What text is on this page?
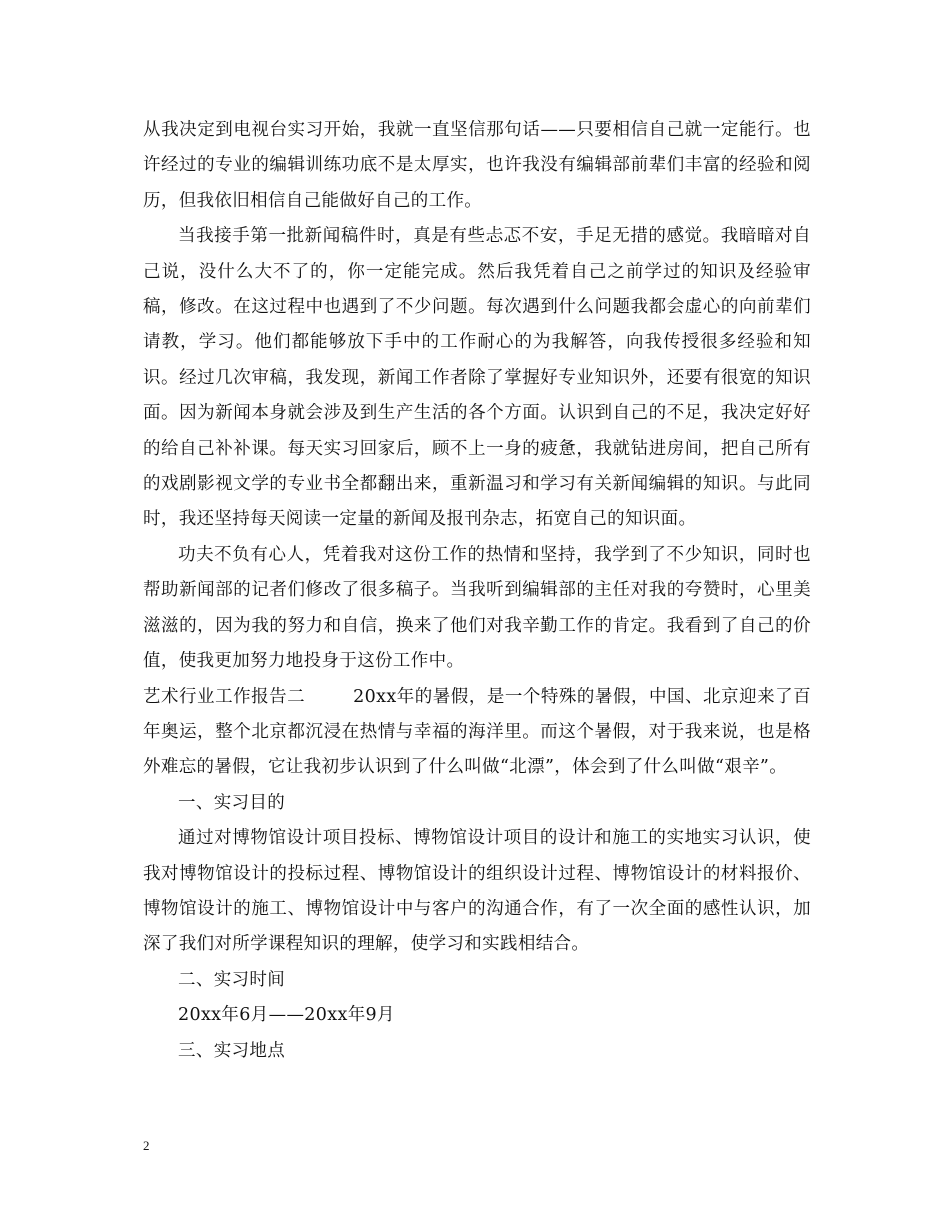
从我决定到电视台实习开始，我就一直坚信那句话——只要相信自己就一定能行。也许经过的专业的编辑训练功底不是太厚实，也许我没有编辑部前辈们丰富的经验和阅历，但我依旧相信自己能做好自己的工作。

当我接手第一批新闻稿件时，真是有些忐忑不安，手足无措的感觉。我暗暗对自己说，没什么大不了的，你一定能完成。然后我凭着自己之前学过的知识及经验审稿，修改。在这过程中也遇到了不少问题。每次遇到什么问题我都会虚心的向前辈们请教，学习。他们都能够放下手中的工作耐心的为我解答，向我传授很多经验和知识。经过几次审稿，我发现，新闻工作者除了掌握好专业知识外，还要有很宽的知识面。因为新闻本身就会涉及到生产生活的各个方面。认识到自己的不足，我决定好好的给自己补补课。每天实习回家后，顾不上一身的疲惫，我就钻进房间，把自己所有的戏剧影视文学的专业书全都翻出来，重新温习和学习有关新闻编辑的知识。与此同时，我还坚持每天阅读一定量的新闻及报刊杂志，拓宽自己的知识面。

功夫不负有心人，凭着我对这份工作的热情和坚持，我学到了不少知识，同时也帮助新闻部的记者们修改了很多稿子。当我听到编辑部的主任对我的夸赞时，心里美滋滋的，因为我的努力和自信，换来了他们对我辛勤工作的肯定。我看到了自己的价值，使我更加努力地投身于这份工作中。

艺术行业工作报告二	20xx年的暑假，是一个特殊的暑假，中国、北京迎来了百年奥运，整个北京都沉浸在热情与幸福的海洋里。而这个暑假，对于我来说，也是格外难忘的暑假，它让我初步认识到了什么叫做“北漂”，体会到了什么叫做“艰辛”。

一、实习目的

通过对博物馆设计项目投标、博物馆设计项目的设计和施工的实地实习认识，使我对博物馆设计的投标过程、博物馆设计的组织设计过程、博物馆设计的材料报价、博物馆设计的施工、博物馆设计中与客户的沟通合作，有了一次全面的感性认识，加深了我们对所学课程知识的理解，使学习和实践相结合。

二、实习时间

20xx年6月——20xx年9月

三、实习地点

2
